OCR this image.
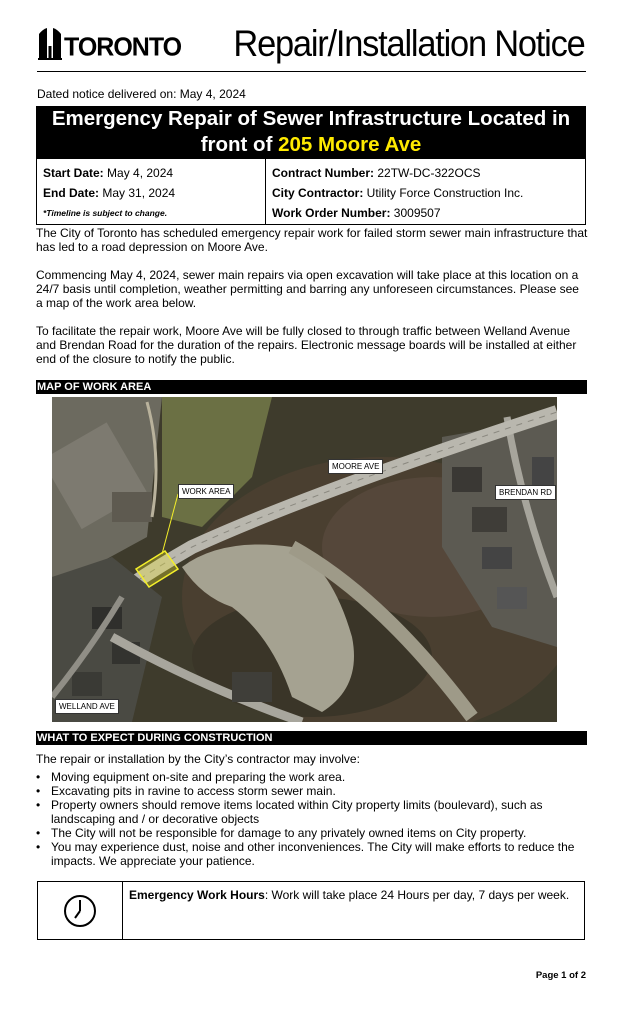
TORONTO Repair/Installation Notice
Dated notice delivered on: May 4, 2024
Emergency Repair of Sewer Infrastructure Located in
front of 205 Moore Ave
Start Date: May 4, 2024
End Date: May 31, 2024
*Timeline is subject to change.
Contract Number: 22TW-DC-322OCS
City Contractor: Utility Force Construction Inc.
Work Order Number: 3009507
The City of Toronto has scheduled emergency repair work for failed storm sewer main infrastructure that has led to a road depression on Moore Ave.
Commencing May 4, 2024, sewer main repairs via open excavation will take place at this location on a 24/7 basis until completion, weather permitting and barring any unforeseen circumstances. Please see a map of the work area below.
To facilitate the repair work, Moore Ave will be fully closed to through traffic between Welland Avenue and Brendan Road for the duration of the repairs. Electronic message boards will be installed at either end of the closure to notify the public.
MAP OF WORK AREA
MOORE AVE
WORK AREA	BRENDAN RD
WELLAND AVE
WHAT TO EXPECT DURING CONSTRUCTION
The repair or installation by the City’s contractor may involve:
• Moving equipment on-site and preparing the work area.
• Excavating pits in ravine to access storm sewer main.
• Property owners should remove items located within City property limits (boulevard), such as landscaping and / or decorative objects
• The City will not be responsible for damage to any privately owned items on City property.
• You may experience dust, noise and other inconveniences. The City will make efforts to reduce the impacts. We appreciate your patience.
Emergency Work Hours: Work will take place 24 Hours per day, 7 days per week.
Page 1 of 2
